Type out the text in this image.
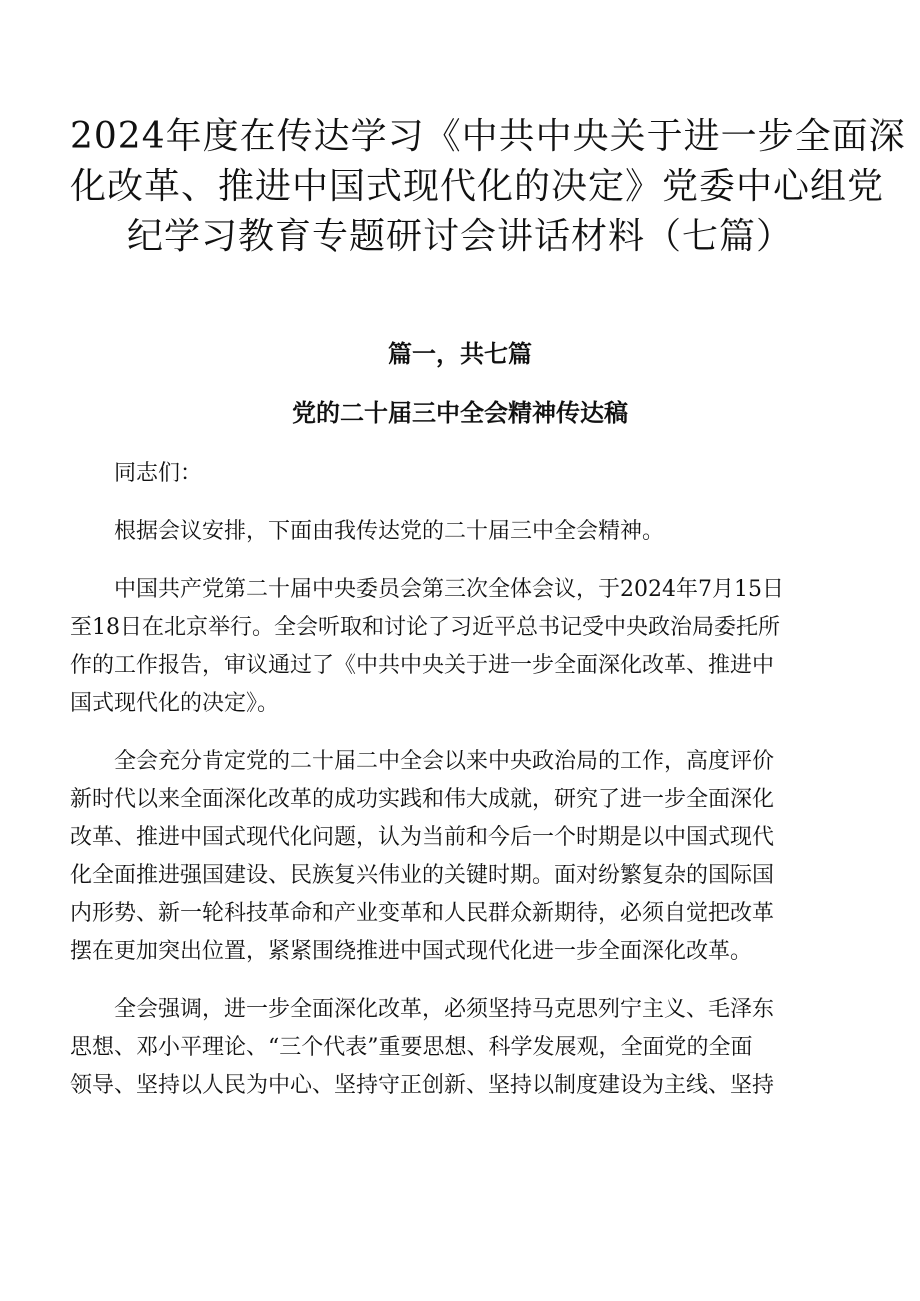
2024年度在传达学习《中共中央关于进一步全面深
化改革、推进中国式现代化的决定》党委中心组党
纪学习教育专题研讨会讲话材料（七篇）
篇一，共七篇
党的二十届三中全会精神传达稿

同志们：

根据会议安排，下面由我传达党的二十届三中全会精神。

中国共产党第二十届中央委员会第三次全体会议，于2024年7月15日
至18日在北京举行。全会听取和讨论了习近平总书记受中央政治局委托所
作的工作报告，审议通过了《中共中央关于进一步全面深化改革、推进中
国式现代化的决定》。

全会充分肯定党的二十届二中全会以来中央政治局的工作，高度评价
新时代以来全面深化改革的成功实践和伟大成就，研究了进一步全面深化
改革、推进中国式现代化问题，认为当前和今后一个时期是以中国式现代
化全面推进强国建设、民族复兴伟业的关键时期。面对纷繁复杂的国际国
内形势、新一轮科技革命和产业变革和人民群众新期待，必须自觉把改革
摆在更加突出位置，紧紧围绕推进中国式现代化进一步全面深化改革。

全会强调，进一步全面深化改革，必须坚持马克思列宁主义、毛泽东
思想、邓小平理论、“三个代表”重要思想、科学发展观，全面党的全面
领导、坚持以人民为中心、坚持守正创新、坚持以制度建设为主线、坚持
